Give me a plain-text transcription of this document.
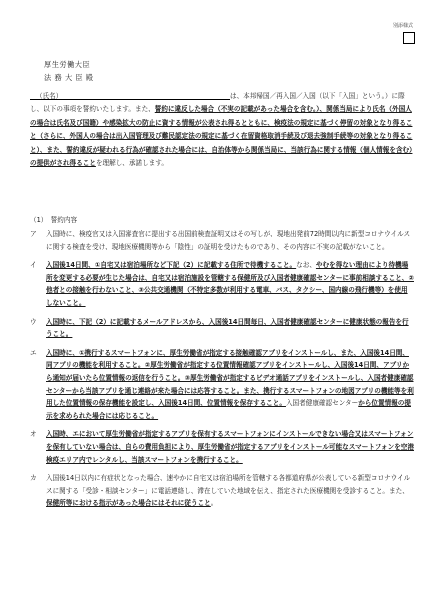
別添様式
厚生労働大臣
法 務 大 臣 殿
（氏名）	は、本邦帰国／再入国／入国（以下「入国」という。）に際し、以下の事項を誓約いたします。また、誓約に違反した場合（不実の記載があった場合を含む。）、関係当局により氏名（外国人の場合は氏名及び国籍）や感染拡大の防止に資する情報が公表され得るとともに、検疫法の規定に基づく停留の対象となり得ること（さらに、外国人の場合は出入国管理及び難民認定法の規定に基づく在留資格取消手続及び退去強制手続等の対象となり得ること）、また、誓約違反が疑われる行為が確認された場合には、自治体等から関係当局に、当該行為に関する情報（個人情報を含む）の提供がされ得ることを理解し、承諾します。
（1）　誓約内容
ア	入国時に、検疫官又は入国審査官に提出する出国前検査証明又はその写しが、現地出発前72時間以内に新型コロナウイルスに関する検査を受け、現地医療機関等から「陰性」の証明を受けたものであり、その内容に不実の記載がないこと。
イ	入国後14日間、①自宅又は宿泊場所など下記（2）に記載する住所で待機すること。なお、やむを得ない理由により待機場所を変更する必要が生じた場合は、自宅又は宿泊施設を管轄する保健所及び入国者健康確認センターに事前相談すること、②他者との接触を行わないこと、③公共交通機関（不特定多数が利用する電車、バス、タクシー、国内線の飛行機等）を使用しないこと。
ウ	入国時に、下記（2）に記載するメールアドレスから、入国後14日間毎日、入国者健康確認センターに健康状態の報告を行うこと。
エ	入国時に、①携行するスマートフォンに、厚生労働省が指定する接触確認アプリをインストールし、また、入国後14日間、同アプリの機能を利用すること。②厚生労働省が指定する位置情報確認アプリをインストールし、入国後14日間、アプリから通知が届いたら位置情報の返信を行うこと。③厚生労働省が指定するビデオ通話アプリをインストールし、入国者健康確認センターから当該アプリを通じ連絡が来た場合には応答すること。また、携行するスマートフォンの地図アプリの機能等を利用した位置情報の保存機能を設定し、入国後14日間、位置情報を保存すること。入国者健康確認センターから位置情報の提示を求められた場合には応じること。
オ	入国時、エにおいて厚生労働省が指定するアプリを保有するスマートフォンにインストールできない場合又はスマートフォンを保有していない場合は、自らの費用負担により、厚生労働省が指定するアプリをインストール可能なスマートフォンを空港検疫エリア内でレンタルし、当該スマートフォンを携行すること。
カ	入国後14日以内に有症状となった場合、速やかに自宅又は宿泊場所を管轄する各都道府県が公表している新型コロナウイルスに関する「受診・相談センター」に電話連絡し、滞在していた地域を伝え、指定された医療機関を受診すること。また、保健所等における指示があった場合にはそれに従うこと。
